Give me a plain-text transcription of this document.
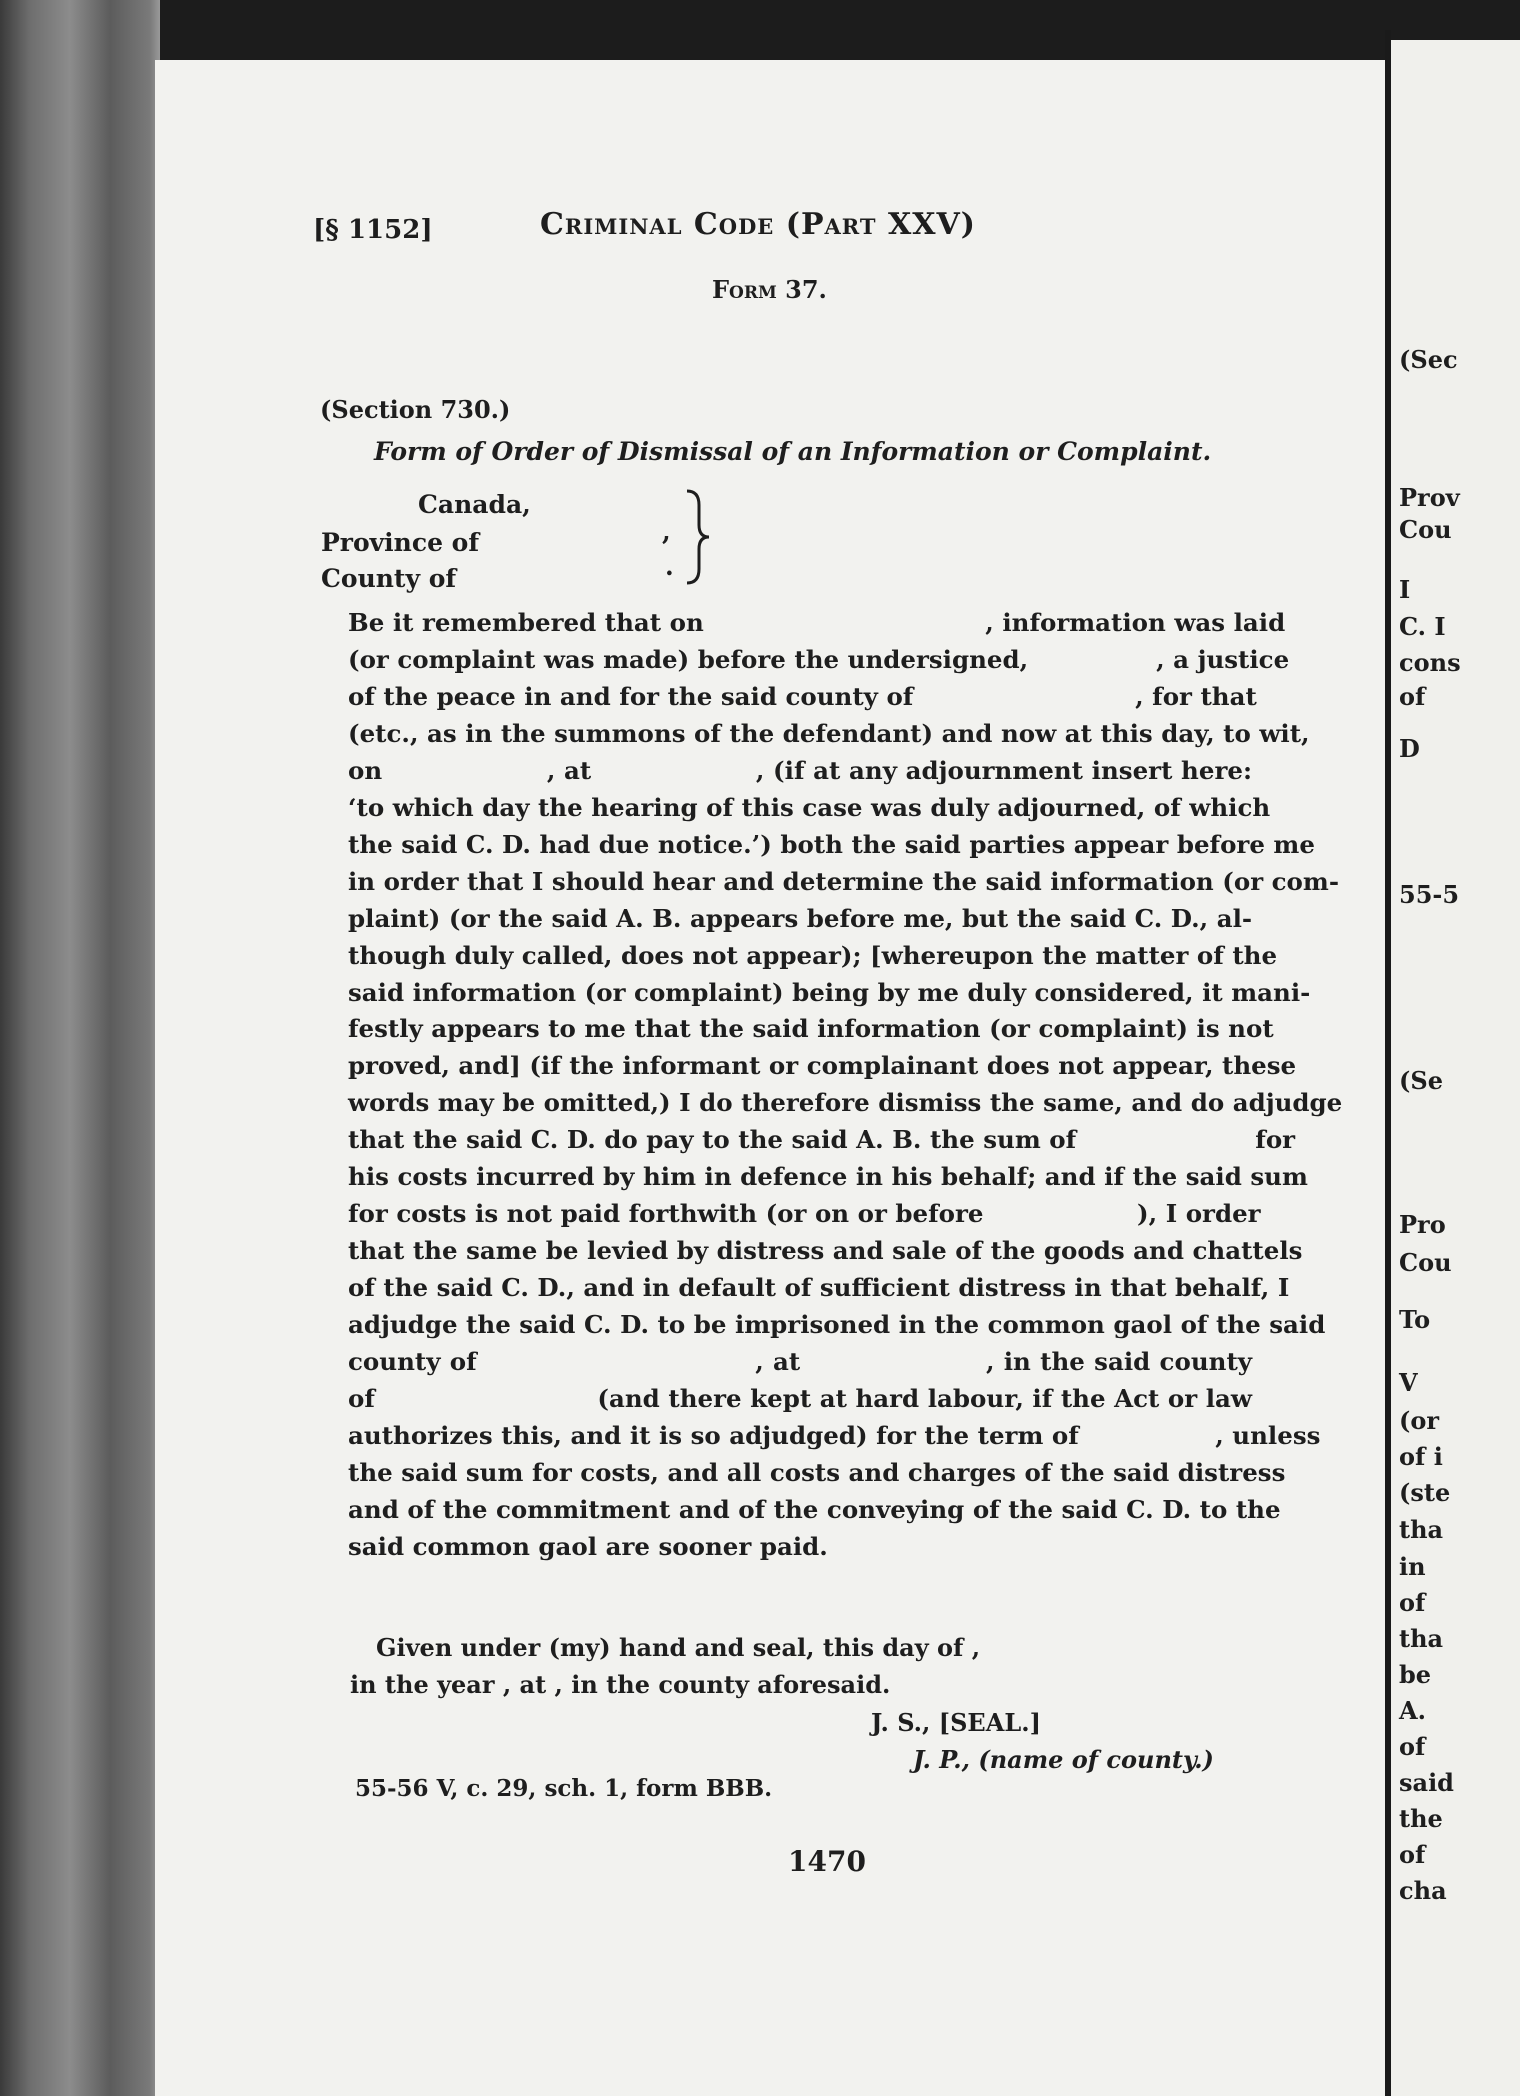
(Sec
Prov
Cou
I
C. I
cons
of
D
55-5
(Se
Pro
Cou
To
V
(or
of i
(ste
tha
in
of
tha
be
A.
of
said
the
of
cha
[§ 1152]	Criminal Code (Part XXV)
Form 37.
(Section 730.)
Form of Order of Dismissal of an Information or Complaint.
Canada,
Province of
County of
,
.
Be it remembered that on                                 , information was laid
(or complaint was made) before the undersigned,               , a justice
of the peace in and for the said county of                          , for that
(etc., as in the summons of the defendant) and now at this day, to wit,
on                   , at                   , (if at any adjournment insert here:
‘to which day the hearing of this case was duly adjourned, of which
the said C. D. had due notice.’) both the said parties appear before me
in order that I should hear and determine the said information (or com-
plaint) (or the said A. B. appears before me, but the said C. D., al-
though duly called, does not appear); [whereupon the matter of the
said information (or complaint) being by me duly considered, it mani-
festly appears to me that the said information (or complaint) is not
proved, and] (if the informant or complainant does not appear, these
words may be omitted,) I do therefore dismiss the same, and do adjudge
that the said C. D. do pay to the said A. B. the sum of                     for
his costs incurred by him in defence in his behalf; and if the said sum
for costs is not paid forthwith (or on or before                  ), I order
that the same be levied by distress and sale of the goods and chattels
of the said C. D., and in default of sufficient distress in that behalf, I
adjudge the said C. D. to be imprisoned in the common gaol of the said
county of                              , at                    , in the said county
of                          (and there kept at hard labour, if the Act or law
authorizes this, and it is so adjudged) for the term of                , unless
the said sum for costs, and all costs and charges of the said distress
and of the commitment and of the conveying of the said C. D. to the
said common gaol are sooner paid.
Given under (my) hand and seal, this day of ,
in the year , at , in the county aforesaid.
J. S., [SEAL.]
J. P., (name of county.)
55-56 V, c. 29, sch. 1, form BBB.
1470
